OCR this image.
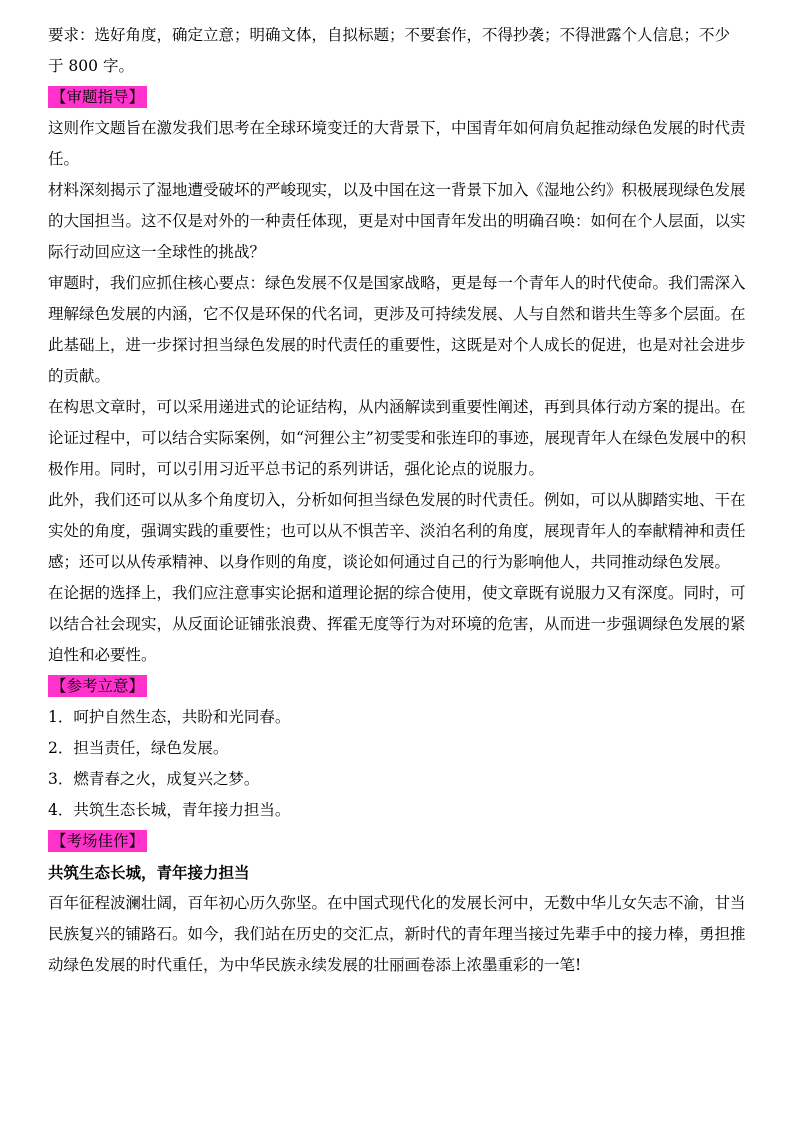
要求：选好角度，确定立意；明确文体，自拟标题；不要套作，不得抄袭；不得泄露个人信息；不少

于 800 字。

【审题指导】

这则作文题旨在激发我们思考在全球环境变迁的大背景下，中国青年如何肩负起推动绿色发展的时代责任。

材料深刻揭示了湿地遭受破坏的严峻现实，以及中国在这一背景下加入《湿地公约》积极展现绿色发展的大国担当。这不仅是对外的一种责任体现，更是对中国青年发出的明确召唤：如何在个人层面，以实际行动回应这一全球性的挑战？

审题时，我们应抓住核心要点：绿色发展不仅是国家战略，更是每一个青年人的时代使命。我们需深入理解绿色发展的内涵，它不仅是环保的代名词，更涉及可持续发展、人与自然和谐共生等多个层面。在此基础上，进一步探讨担当绿色发展的时代责任的重要性，这既是对个人成长的促进，也是对社会进步的贡献。

在构思文章时，可以采用递进式的论证结构，从内涵解读到重要性阐述，再到具体行动方案的提出。在论证过程中，可以结合实际案例，如“河狸公主”初雯雯和张连印的事迹，展现青年人在绿色发展中的积极作用。同时，可以引用习近平总书记的系列讲话，强化论点的说服力。

此外，我们还可以从多个角度切入，分析如何担当绿色发展的时代责任。例如，可以从脚踏实地、干在实处的角度，强调实践的重要性；也可以从不惧苦辛、淡泊名利的角度，展现青年人的奉献精神和责任感；还可以从传承精神、以身作则的角度，谈论如何通过自己的行为影响他人，共同推动绿色发展。

在论据的选择上，我们应注意事实论据和道理论据的综合使用，使文章既有说服力又有深度。同时，可以结合社会现实，从反面论证铺张浪费、挥霍无度等行为对环境的危害，从而进一步强调绿色发展的紧迫性和必要性。

【参考立意】

1．呵护自然生态，共盼和光同春。

2．担当责任，绿色发展。

3．燃青春之火，成复兴之梦。

4．共筑生态长城，青年接力担当。

【考场佳作】

共筑生态长城，青年接力担当

百年征程波澜壮阔，百年初心历久弥坚。在中国式现代化的发展长河中，无数中华儿女矢志不渝，甘当民族复兴的铺路石。如今，我们站在历史的交汇点，新时代的青年理当接过先辈手中的接力棒，勇担推动绿色发展的时代重任，为中华民族永续发展的壮丽画卷添上浓墨重彩的一笔!
